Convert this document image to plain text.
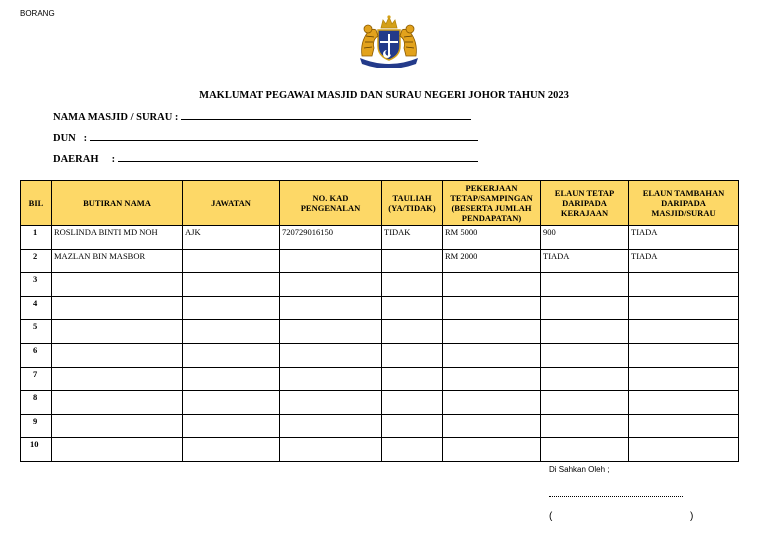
BORANG
MAKLUMAT PEGAWAI MASJID DAN SURAU NEGERI JOHOR TAHUN 2023
NAMA MASJID / SURAU :
DUN   :
DAERAH     :
BIL	BUTIRAN NAMA	JAWATAN	NO. KAD PENGENALAN	TAULIAH (YA/TIDAK)	PEKERJAAN TETAP/SAMPINGAN (BESERTA JUMLAH PENDAPATAN)	ELAUN TETAP DARIPADA KERAJAAN	ELAUN TAMBAHAN DARIPADA MASJID/SURAU
1	ROSLINDA BINTI MD NOH	AJK	720729016150	TIDAK	RM 5000	900	TIADA
2	MAZLAN BIN MASBOR				RM 2000	TIADA	TIADA
3							
4							
5							
6							
7							
8							
9							
10							
Di Sahkan Oleh ;
(	)
